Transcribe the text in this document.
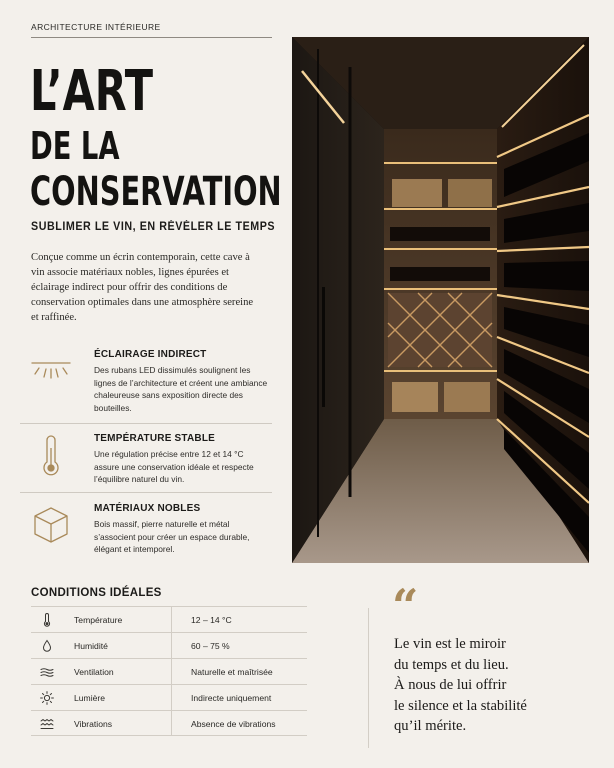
ARCHITECTURE INTÉRIEURE
L’ART
DE LA
CONSERVATION
SUBLIMER LE VIN, EN RÉVÉLER LE TEMPS

Conçue comme un écrin contemporain, cette cave à vin associe matériaux nobles, lignes épurées et éclairage indirect pour offrir des conditions de conservation optimales dans une atmosphère sereine et raffinée.

ÉCLAIRAGE INDIRECT
Des rubans LED dissimulés soulignent les lignes de l’architecture et créent une ambiance chaleureuse sans exposition directe des bouteilles.
TEMPÉRATURE STABLE
Une régulation précise entre 12 et 14 °C assure une conservation idéale et respecte l’équilibre naturel du vin.
MATÉRIAUX NOBLES
Bois massif, pierre naturelle et métal s’associent pour créer un espace durable, élégant et intemporel.
CONDITIONS IDÉALES
Température	12 – 14 °C
Humidité	60 – 75 %
Ventilation	Naturelle et maîtrisée
Lumière	Indirecte uniquement
Vibrations	Absence de vibrations
“
Le vin est le miroir
du temps et du lieu.
À nous de lui offrir
le silence et la stabilité
qu’il mérite.
